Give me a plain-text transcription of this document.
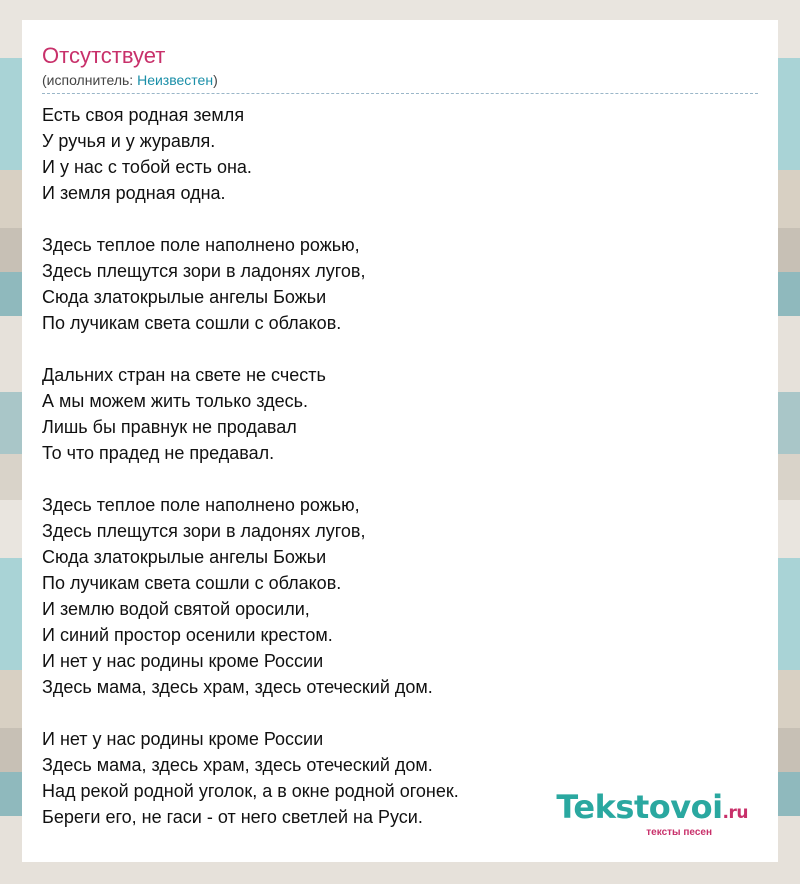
Отсутствует
(исполнитель: Неизвестен)
Есть своя родная земля
У ручья и у журавля.
И у нас с тобой есть она.
И земля родная одна.
Здесь теплое поле наполнено рожью,
Здесь плещутся зори в ладонях лугов,
Сюда златокрылые ангелы Божьи
По лучикам света сошли с облаков.
Дальних стран на свете не счесть
А мы можем жить только здесь.
Лишь бы правнук не продавал
То что прадед не предавал.
Здесь теплое поле наполнено рожью,
Здесь плещутся зори в ладонях лугов,
Сюда златокрылые ангелы Божьи
По лучикам света сошли с облаков.
И землю водой святой оросили,
И синий простор осенили крестом.
И нет у нас родины кроме России
Здесь мама, здесь храм, здесь отеческий дом.
И нет у нас родины кроме России
Здесь мама, здесь храм, здесь отеческий дом.
Над рекой родной уголок, а в окне родной огонек.
Береги его, не гаси - от него светлей на Руси.	Tekstovoi.ru
тексты песен
